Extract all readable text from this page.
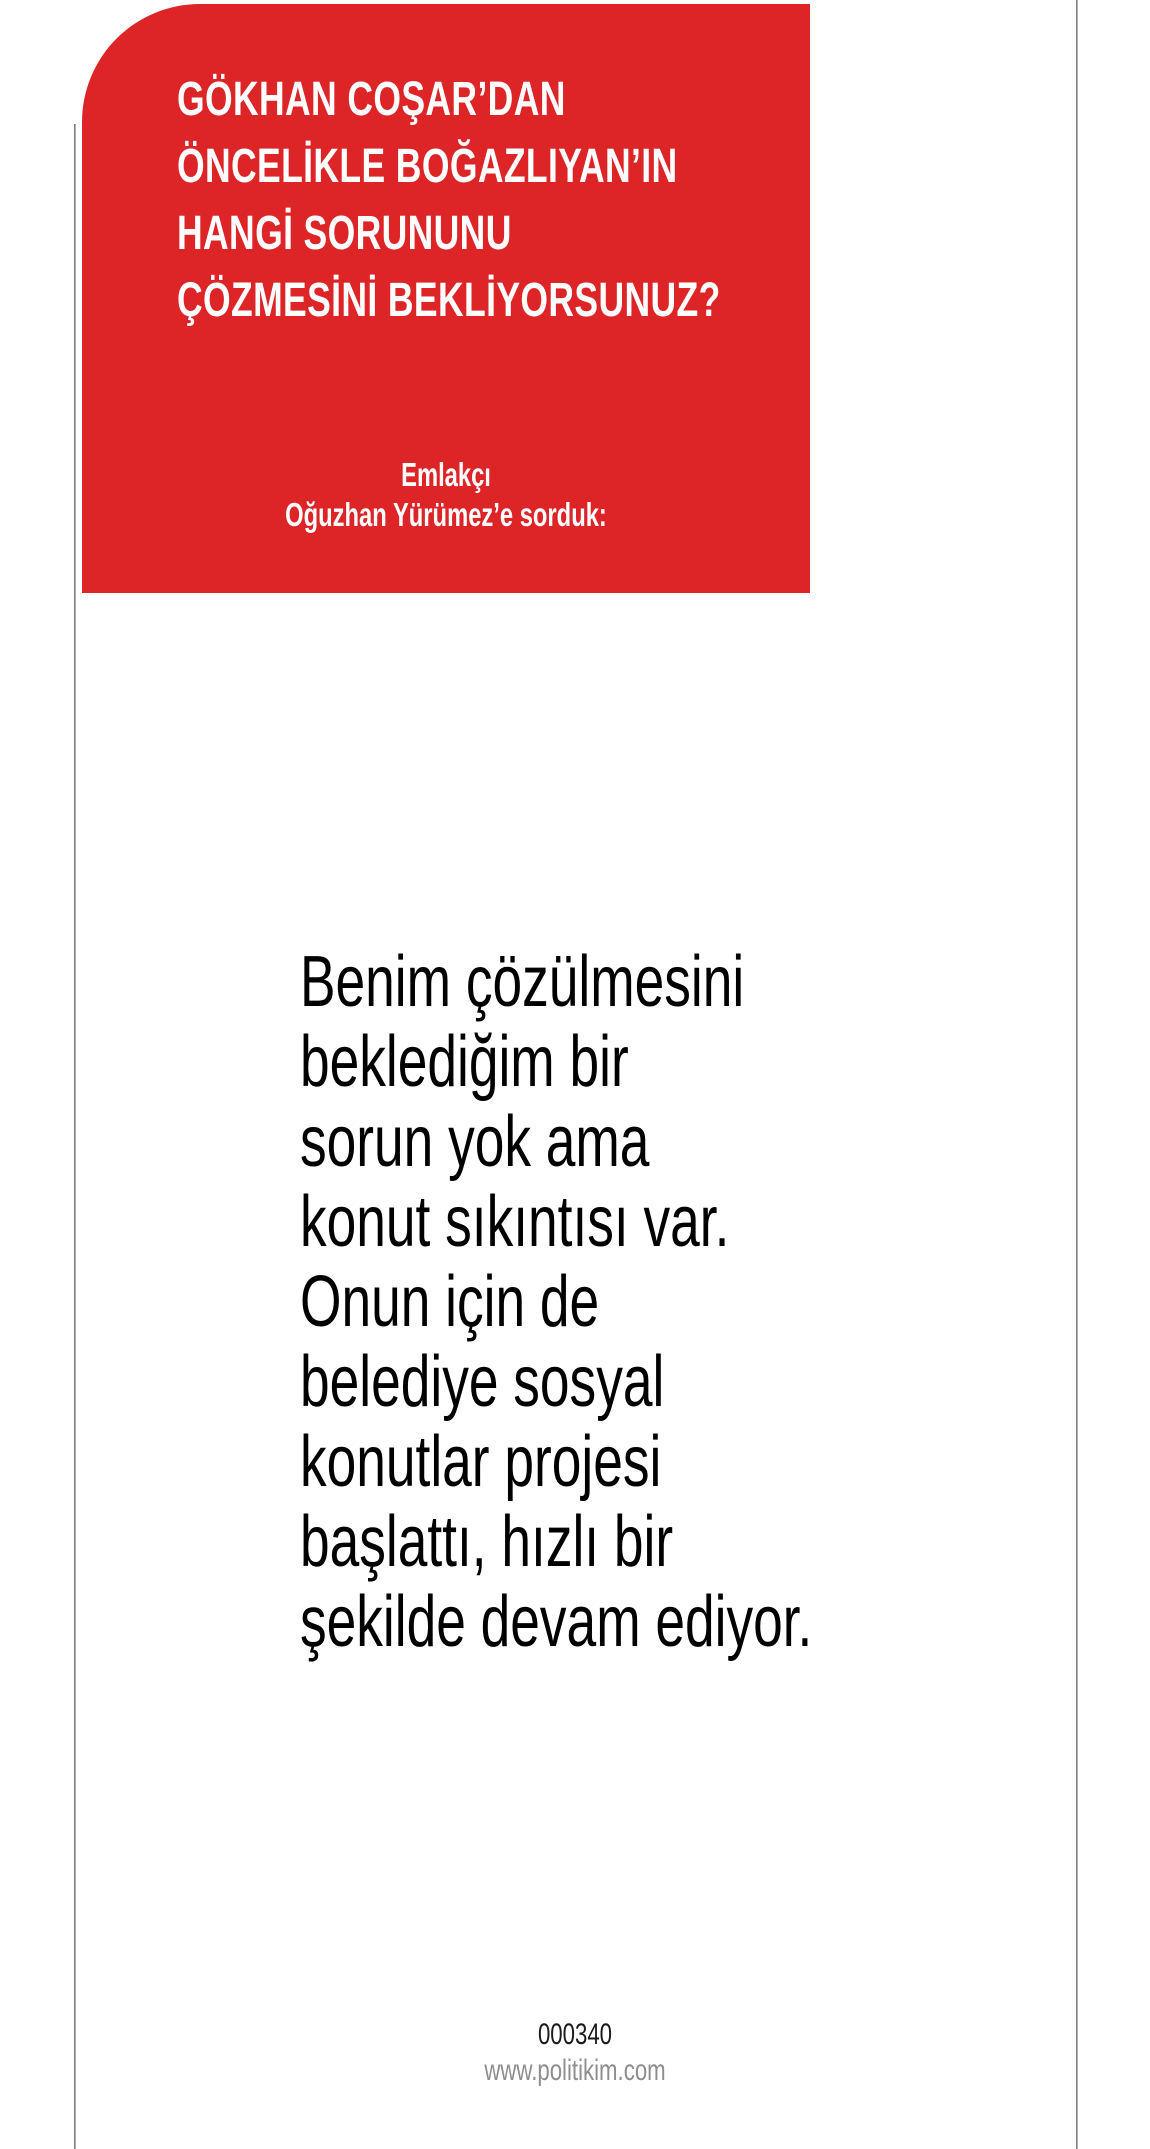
GÖKHAN COŞAR’DAN
ÖNCELİKLE BOĞAZLIYAN’IN
HANGİ SORUNUNU
ÇÖZMESİNİ BEKLİYORSUNUZ?
Emlakçı
Oğuzhan Yürümez’e sorduk:
Benim çözülmesini
beklediğim bir
sorun yok ama
konut sıkıntısı var.
Onun için de
belediye sosyal
konutlar projesi
başlattı, hızlı bir
şekilde devam ediyor.
000340
www.politikim.com
